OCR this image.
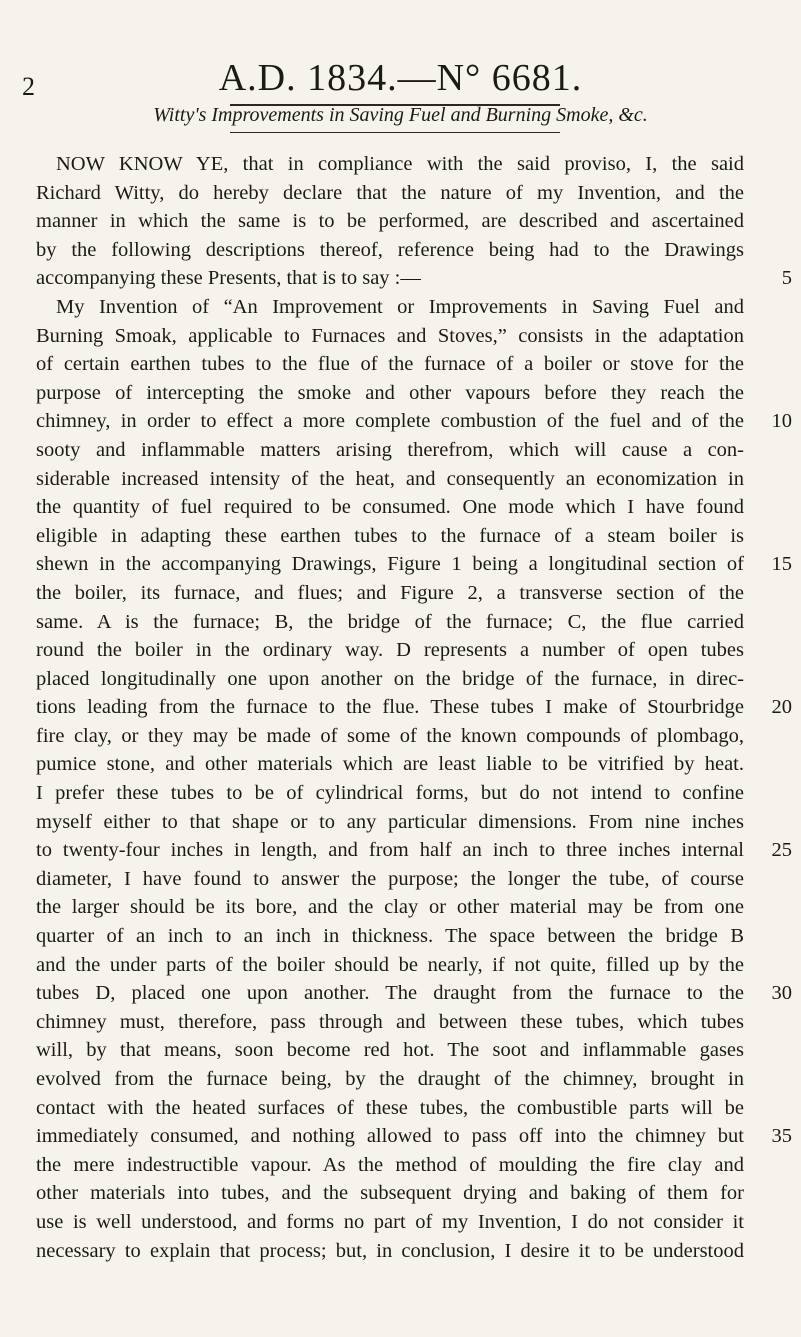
2	A.D. 1834.—N° 6681.
Witty's Improvements in Saving Fuel and Burning Smoke, &c.
NOW KNOW YE, that in compliance with the said proviso, I, the said
Richard Witty, do hereby declare that the nature of my Invention, and the
manner in which the same is to be performed, are described and ascertained
by the following descriptions thereof, reference being had to the Drawings
accompanying these Presents, that is to say :—	5
My Invention of “An Improvement or Improvements in Saving Fuel and
Burning Smoak, applicable to Furnaces and Stoves,” consists in the adaptation
of certain earthen tubes to the flue of the furnace of a boiler or stove for the
purpose of intercepting the smoke and other vapours before they reach the
chimney, in order to effect a more complete combustion of the fuel and of the	10
sooty and inflammable matters arising therefrom, which will cause a con-
siderable increased intensity of the heat, and consequently an economization in
the quantity of fuel required to be consumed. One mode which I have found
eligible in adapting these earthen tubes to the furnace of a steam boiler is
shewn in the accompanying Drawings, Figure 1 being a longitudinal section of	15
the boiler, its furnace, and flues; and Figure 2, a transverse section of the
same. A is the furnace; B, the bridge of the furnace; C, the flue carried
round the boiler in the ordinary way. D represents a number of open tubes
placed longitudinally one upon another on the bridge of the furnace, in direc-
tions leading from the furnace to the flue. These tubes I make of Stourbridge	20
fire clay, or they may be made of some of the known compounds of plombago,
pumice stone, and other materials which are least liable to be vitrified by heat.
I prefer these tubes to be of cylindrical forms, but do not intend to confine
myself either to that shape or to any particular dimensions. From nine inches
to twenty-four inches in length, and from half an inch to three inches internal	25
diameter, I have found to answer the purpose; the longer the tube, of course
the larger should be its bore, and the clay or other material may be from one
quarter of an inch to an inch in thickness. The space between the bridge B
and the under parts of the boiler should be nearly, if not quite, filled up by the
tubes D, placed one upon another. The draught from the furnace to the	30
chimney must, therefore, pass through and between these tubes, which tubes
will, by that means, soon become red hot. The soot and inflammable gases
evolved from the furnace being, by the draught of the chimney, brought in
contact with the heated surfaces of these tubes, the combustible parts will be
immediately consumed, and nothing allowed to pass off into the chimney but	35
the mere indestructible vapour. As the method of moulding the fire clay and
other materials into tubes, and the subsequent drying and baking of them for
use is well understood, and forms no part of my Invention, I do not consider it
necessary to explain that process; but, in conclusion, I desire it to be understood
